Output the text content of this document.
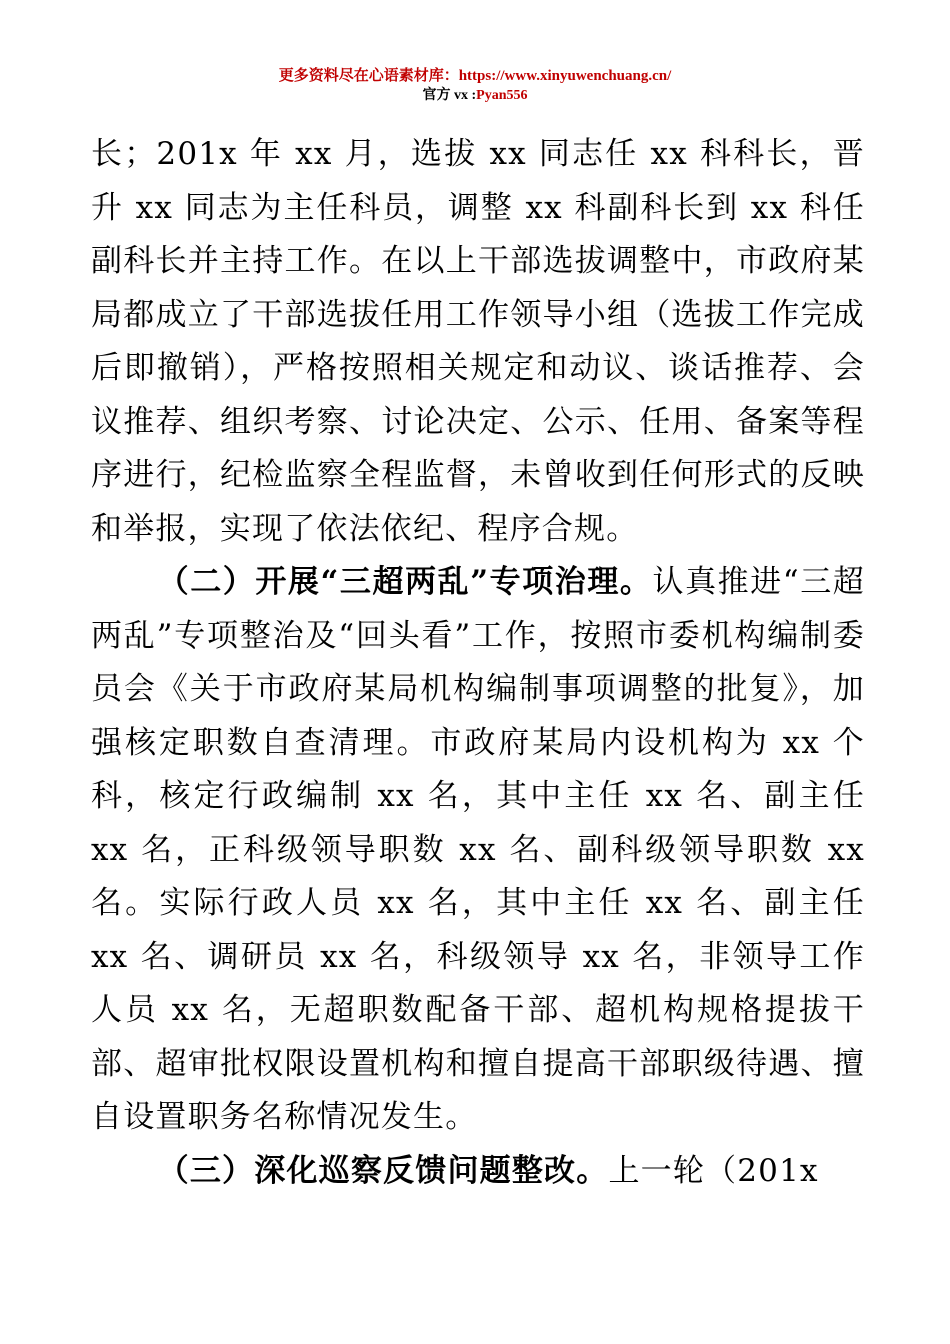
更多资料尽在心语素材库：https://www.xinyuwenchuang.cn/
官方 vx :Pyan556

长；201x 年 xx 月，选拔 xx 同志任 xx 科科长，晋升 xx 同志为主任科员，调整 xx 科副科长到 xx 科任副科长并主持工作。在以上干部选拔调整中，市政府某局都成立了干部选拔任用工作领导小组（选拔工作完成后即撤销），严格按照相关规定和动议、谈话推荐、会议推荐、组织考察、讨论决定、公示、任用、备案等程序进行，纪检监察全程监督，未曾收到任何形式的反映和举报，实现了依法依纪、程序合规。

（二）开展“三超两乱”专项治理。认真推进“三超两乱”专项整治及“回头看”工作，按照市委机构编制委员会《关于市政府某局机构编制事项调整的批复》，加强核定职数自查清理。市政府某局内设机构为 xx 个科，核定行政编制 xx 名，其中主任 xx 名、副主任 xx 名，正科级领导职数 xx 名、副科级领导职数 xx 名。实际行政人员 xx 名，其中主任 xx 名、副主任 xx 名、调研员 xx 名，科级领导 xx 名，非领导工作人员 xx 名，无超职数配备干部、超机构规格提拔干部、超审批权限设置机构和擅自提高干部职级待遇、擅自设置职务名称情况发生。

（三）深化巡察反馈问题整改。上一轮（201x
